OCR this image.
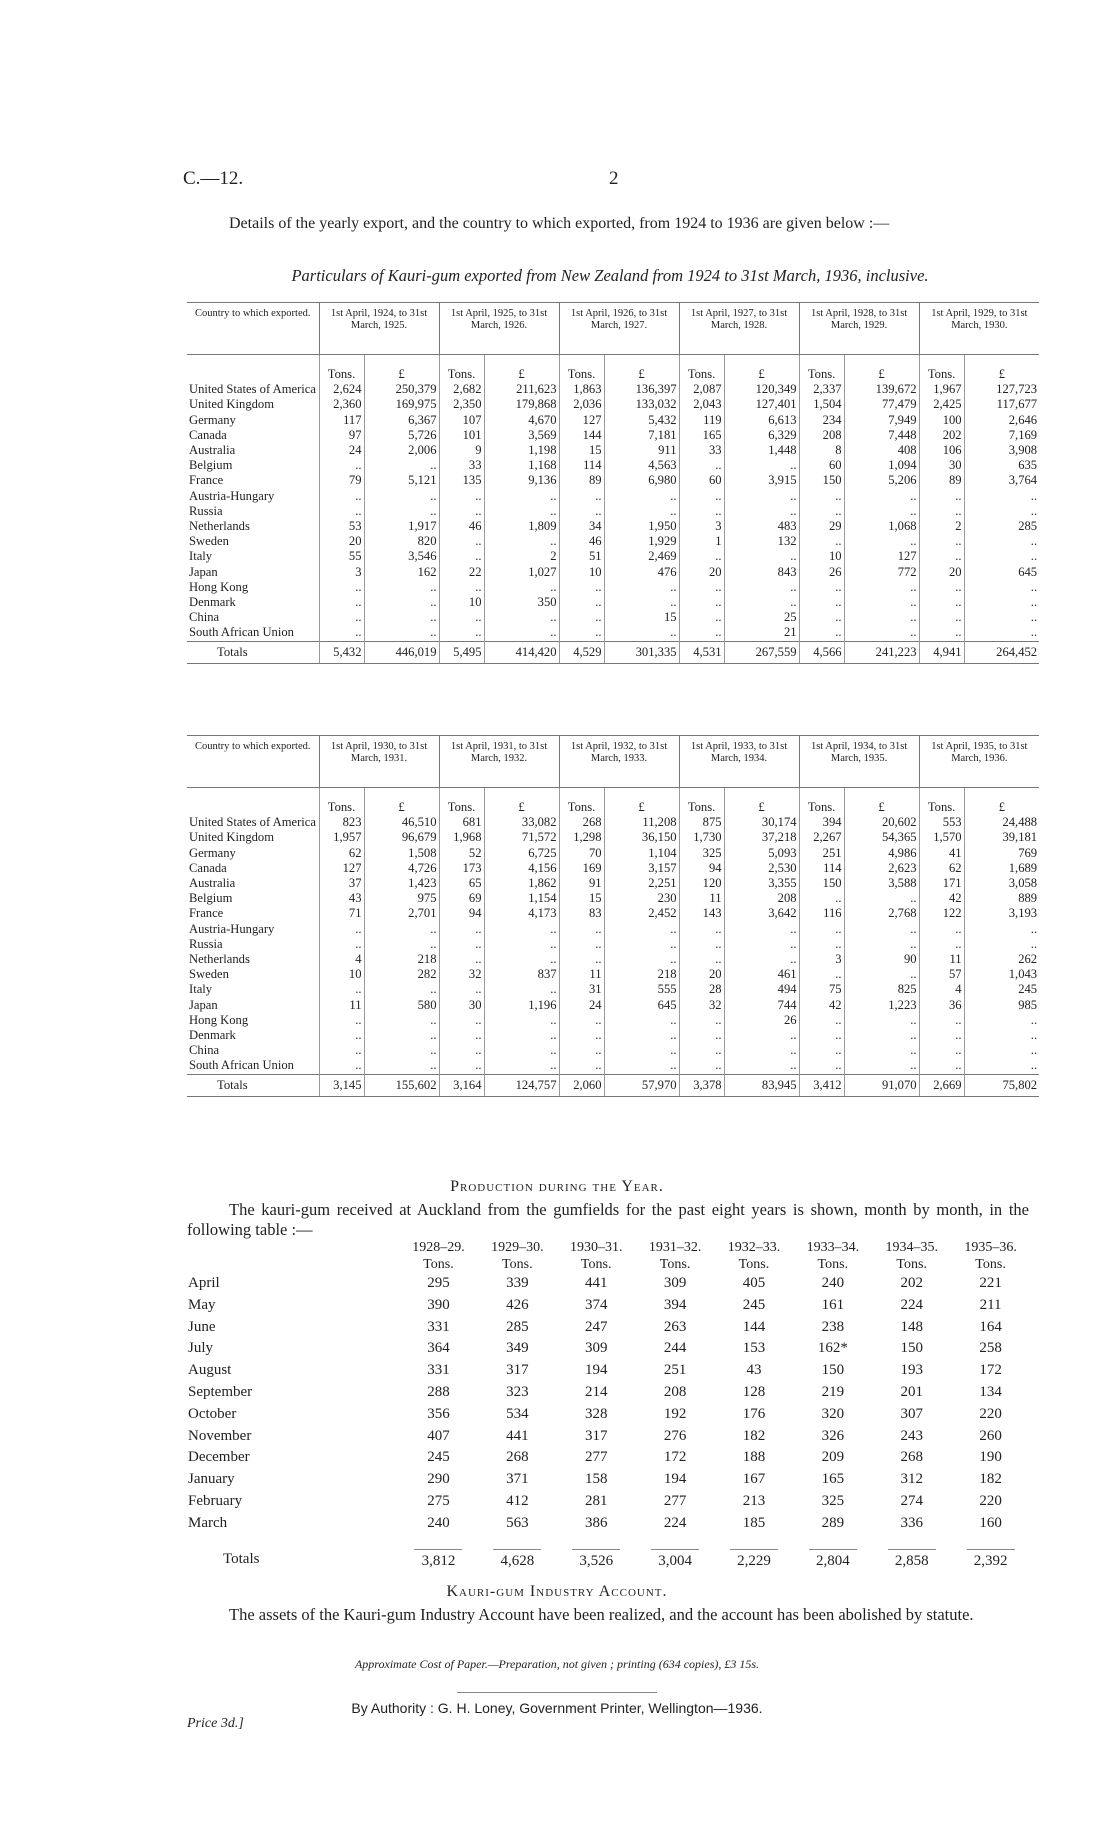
C.—12.	2

Details of the yearly export, and the country to which exported, from 1924 to 1936 are given below :—

Particulars of Kauri-gum exported from New Zealand from 1924 to 31st March, 1936, inclusive.
Country to which exported.	1st April, 1924, to 31st March, 1925.		1st April, 1925, to 31st March, 1926.		1st April, 1926, to 31st March, 1927.		1st April, 1927, to 31st March, 1928.		1st April, 1928, to 31st March, 1929.		1st April, 1929, to 31st March, 1930.	
	Tons.	£	Tons.	£	Tons.	£	Tons.	£	Tons.	£	Tons.	£
United States of America	2,624	250,379	2,682	211,623	1,863	136,397	2,087	120,349	2,337	139,672	1,967	127,723
United Kingdom	2,360	169,975	2,350	179,868	2,036	133,032	2,043	127,401	1,504	77,479	2,425	117,677
Germany	117	6,367	107	4,670	127	5,432	119	6,613	234	7,949	100	2,646
Canada	97	5,726	101	3,569	144	7,181	165	6,329	208	7,448	202	7,169
Australia	24	2,006	9	1,198	15	911	33	1,448	8	408	106	3,908
Belgium	..	..	33	1,168	114	4,563	..	..	60	1,094	30	635
France	79	5,121	135	9,136	89	6,980	60	3,915	150	5,206	89	3,764
Austria-Hungary	..	..	..	..	..	..	..	..	..	..	..	..
Russia	..	..	..	..	..	..	..	..	..	..	..	..
Netherlands	53	1,917	46	1,809	34	1,950	3	483	29	1,068	2	285
Sweden	20	820	..	..	46	1,929	1	132	..	..	..	..
Italy	55	3,546	..	2	51	2,469	..	..	10	127	..	..
Japan	3	162	22	1,027	10	476	20	843	26	772	20	645
Hong Kong	..	..	..	..	..	..	..	..	..	..	..	..
Denmark	..	..	10	350	..	..	..	..	..	..	..	..
China	..	..	..	..	..	15	..	25	..	..	..	..
South African Union	..	..	..	..	..	..	..	21	..	..	..	..
Totals	5,432	446,019	5,495	414,420	4,529	301,335	4,531	267,559	4,566	241,223	4,941	264,452
Country to which exported.	1st April, 1930, to 31st March, 1931.		1st April, 1931, to 31st March, 1932.		1st April, 1932, to 31st March, 1933.		1st April, 1933, to 31st March, 1934.		1st April, 1934, to 31st March, 1935.		1st April, 1935, to 31st March, 1936.	
	Tons.	£	Tons.	£	Tons.	£	Tons.	£	Tons.	£	Tons.	£
United States of America	823	46,510	681	33,082	268	11,208	875	30,174	394	20,602	553	24,488
United Kingdom	1,957	96,679	1,968	71,572	1,298	36,150	1,730	37,218	2,267	54,365	1,570	39,181
Germany	62	1,508	52	6,725	70	1,104	325	5,093	251	4,986	41	769
Canada	127	4,726	173	4,156	169	3,157	94	2,530	114	2,623	62	1,689
Australia	37	1,423	65	1,862	91	2,251	120	3,355	150	3,588	171	3,058
Belgium	43	975	69	1,154	15	230	11	208	..	..	42	889
France	71	2,701	94	4,173	83	2,452	143	3,642	116	2,768	122	3,193
Austria-Hungary	..	..	..	..	..	..	..	..	..	..	..	..
Russia	..	..	..	..	..	..	..	..	..	..	..	..
Netherlands	4	218	..	..	..	..	..	..	3	90	11	262
Sweden	10	282	32	837	11	218	20	461	..	..	57	1,043
Italy	..	..	..	..	31	555	28	494	75	825	4	245
Japan	11	580	30	1,196	24	645	32	744	42	1,223	36	985
Hong Kong	..	..	..	..	..	..	..	26	..	..	..	..
Denmark	..	..	..	..	..	..	..	..	..	..	..	..
China	..	..	..	..	..	..	..	..	..	..	..	..
South African Union	..	..	..	..	..	..	..	..	..	..	..	..
Totals	3,145	155,602	3,164	124,757	2,060	57,970	3,378	83,945	3,412	91,070	2,669	75,802
Production during the Year.

The kauri-gum received at Auckland from the gumfields for the past eight years is shown, month by month, in the following table :—

	1928–29.	1929–30.	1930–31.	1931–32.	1932–33.	1933–34.	1934–35.	1935–36.
	Tons.	Tons.	Tons.	Tons.	Tons.	Tons.	Tons.	Tons.
April	295	339	441	309	405	240	202	221
May	390	426	374	394	245	161	224	211
June	331	285	247	263	144	238	148	164
July	364	349	309	244	153	162*	150	258
August	331	317	194	251	43	150	193	172
September	288	323	214	208	128	219	201	134
October	356	534	328	192	176	320	307	220
November	407	441	317	276	182	326	243	260
December	245	268	277	172	188	209	268	190
January	290	371	158	194	167	165	312	182
February	275	412	281	277	213	325	274	220
March	240	563	386	224	185	289	336	160
Totals	3,812	4,628	3,526	3,004	2,229	2,804	2,858	2,392
Kauri-gum Industry Account.

The assets of the Kauri-gum Industry Account have been realized, and the account has been abolished by statute.

Approximate Cost of Paper.—Preparation, not given ; printing (634 copies), £3 15s.
By Authority : G. H. Loney, Government Printer, Wellington—1936.
Price 3d.]
